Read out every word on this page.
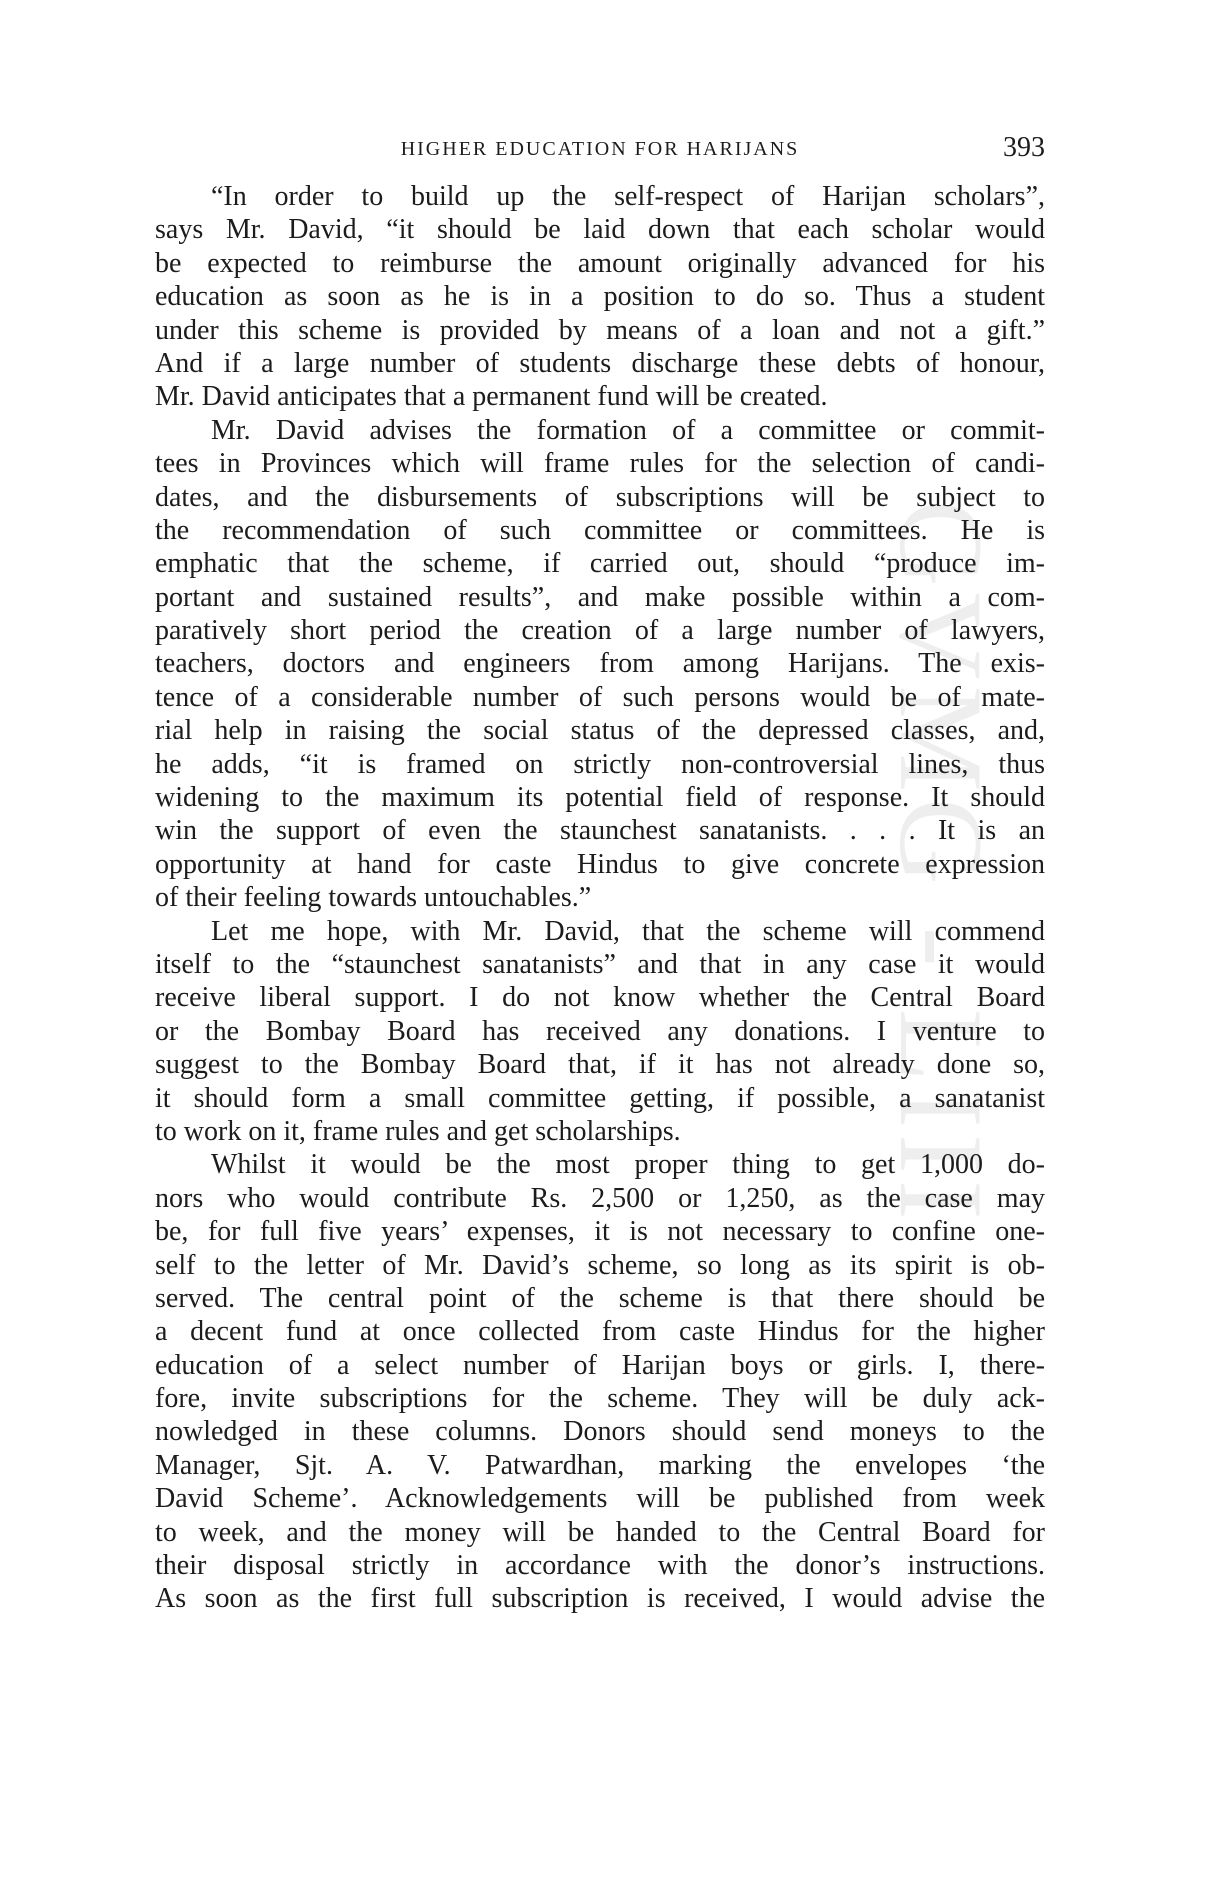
GVMG - LIII
HIGHER EDUCATION FOR HARIJANS	393
“In order to build up the self-respect of Harijan scholars”,
says Mr. David, “it should be laid down that each scholar would
be expected to reimburse the amount originally advanced for his
education as soon as he is in a position to do so. Thus a student
under this scheme is provided by means of a loan and not a gift.”
And if a large number of students discharge these debts of honour,
Mr. David anticipates that a permanent fund will be created.
Mr. David advises the formation of a committee or commit-
tees in Provinces which will frame rules for the selection of candi-
dates, and the disbursements of subscriptions will be subject to
the recommendation of such committee or committees. He is
emphatic that the scheme, if carried out, should “produce im-
portant and sustained results”, and make possible within a com-
paratively short period the creation of a large number of lawyers,
teachers, doctors and engineers from among Harijans. The exis-
tence of a considerable number of such persons would be of mate-
rial help in raising the social status of the depressed classes, and,
he adds, “it is framed on strictly non-controversial lines, thus
widening to the maximum its potential field of response. It should
win the support of even the staunchest sanatanists. . . . It is an
opportunity at hand for caste Hindus to give concrete expression
of their feeling towards untouchables.”
Let me hope, with Mr. David, that the scheme will commend
itself to the “staunchest sanatanists” and that in any case it would
receive liberal support. I do not know whether the Central Board
or the Bombay Board has received any donations. I venture to
suggest to the Bombay Board that, if it has not already done so,
it should form a small committee getting, if possible, a sanatanist
to work on it, frame rules and get scholarships.
Whilst it would be the most proper thing to get 1,000 do-
nors who would contribute Rs. 2,500 or 1,250, as the case may
be, for full five years’ expenses, it is not necessary to confine one-
self to the letter of Mr. David’s scheme, so long as its spirit is ob-
served. The central point of the scheme is that there should be
a decent fund at once collected from caste Hindus for the higher
education of a select number of Harijan boys or girls. I, there-
fore, invite subscriptions for the scheme. They will be duly ack-
nowledged in these columns. Donors should send moneys to the
Manager, Sjt. A. V. Patwardhan, marking the envelopes ‘the
David Scheme’. Acknowledgements will be published from week
to week, and the money will be handed to the Central Board for
their disposal strictly in accordance with the donor’s instructions.
As soon as the first full subscription is received, I would advise the
